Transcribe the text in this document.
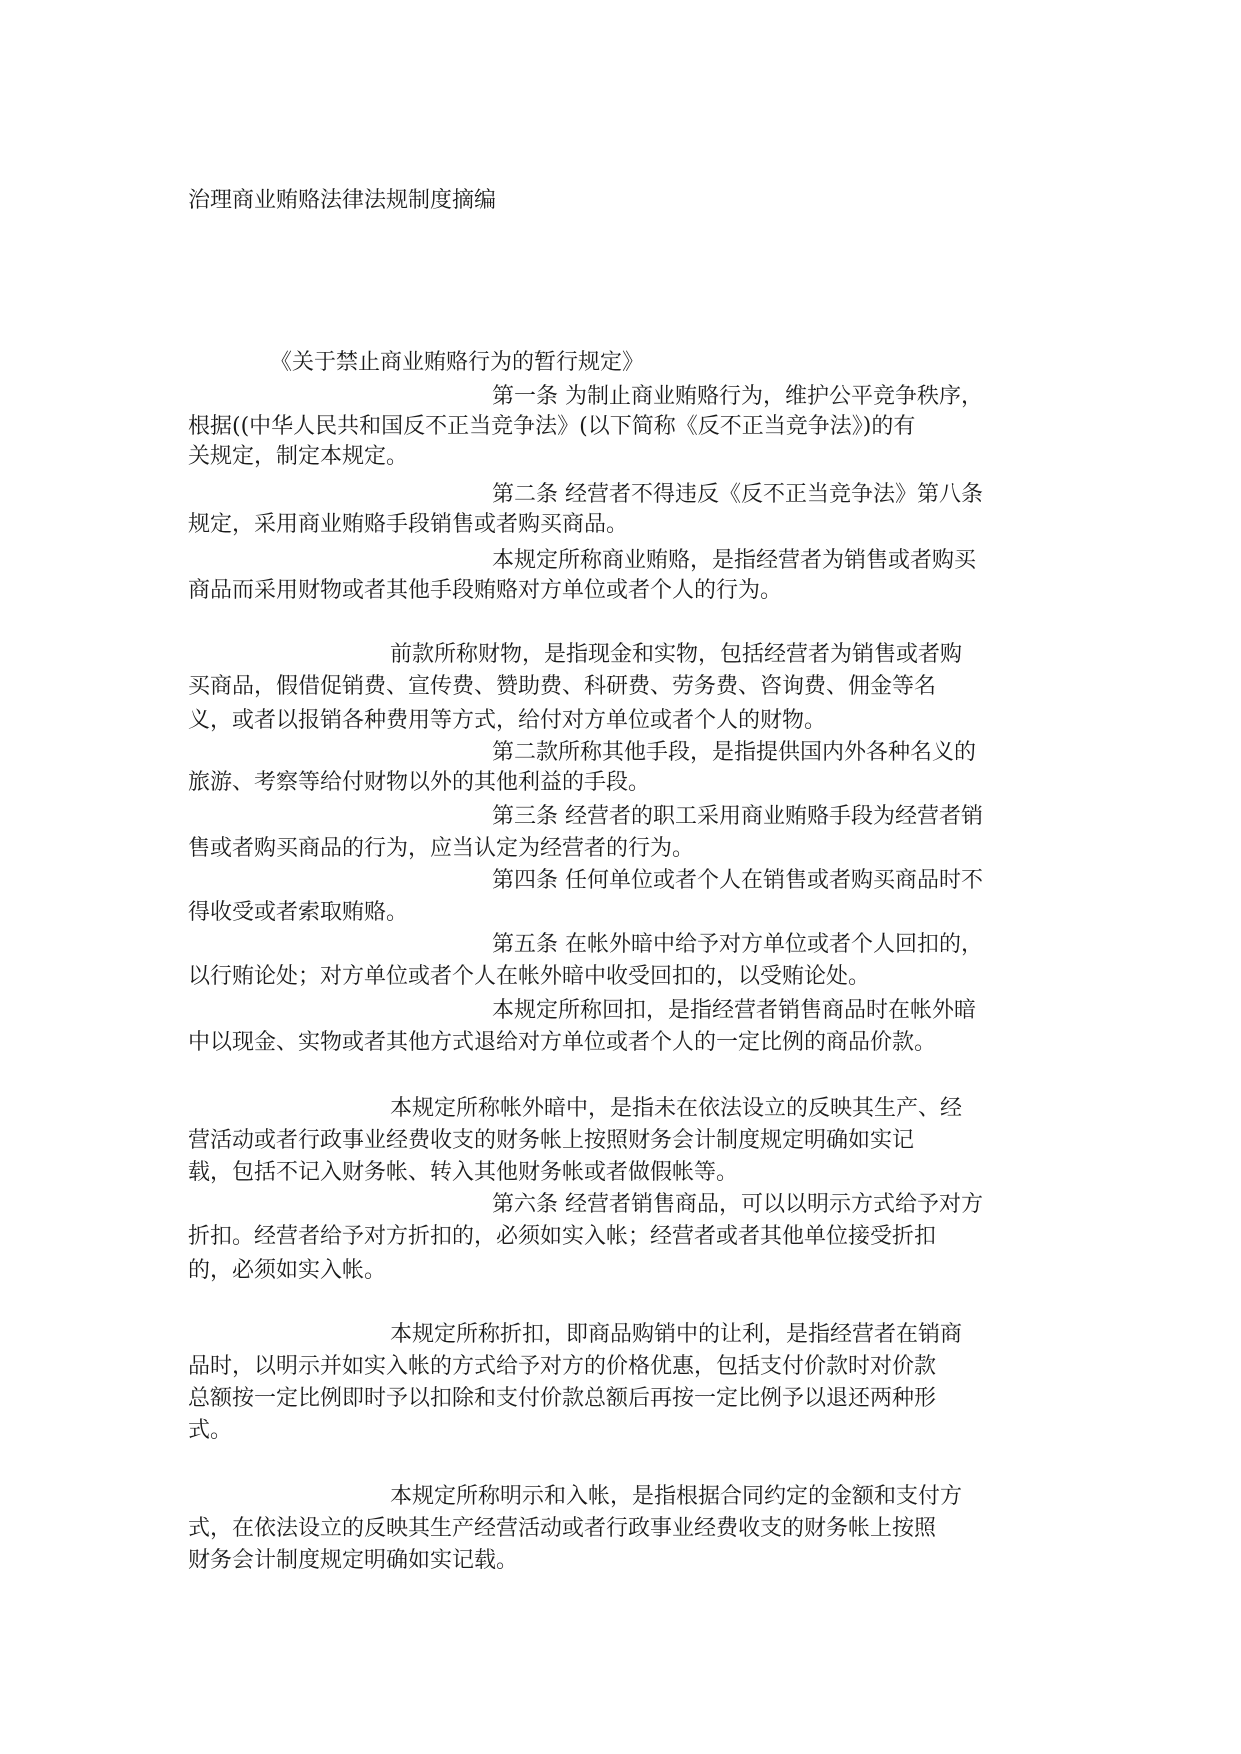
治理商业贿赂法律法规制度摘编
《关于禁止商业贿赂行为的暂行规定》
第一条 为制止商业贿赂行为，维护公平竞争秩序，
根据((中华人民共和国反不正当竞争法》(以下简称《反不正当竞争法》)的有
关规定，制定本规定。
第二条 经营者不得违反《反不正当竞争法》第八条
规定，采用商业贿赂手段销售或者购买商品。
本规定所称商业贿赂，是指经营者为销售或者购买
商品而采用财物或者其他手段贿赂对方单位或者个人的行为。
前款所称财物，是指现金和实物，包括经营者为销售或者购
买商品，假借促销费、宣传费、赞助费、科研费、劳务费、咨询费、佣金等名
义，或者以报销各种费用等方式，给付对方单位或者个人的财物。
第二款所称其他手段，是指提供国内外各种名义的
旅游、考察等给付财物以外的其他利益的手段。
第三条 经营者的职工采用商业贿赂手段为经营者销
售或者购买商品的行为，应当认定为经营者的行为。
第四条 任何单位或者个人在销售或者购买商品时不
得收受或者索取贿赂。
第五条 在帐外暗中给予对方单位或者个人回扣的，
以行贿论处；对方单位或者个人在帐外暗中收受回扣的，以受贿论处。
本规定所称回扣，是指经营者销售商品时在帐外暗
中以现金、实物或者其他方式退给对方单位或者个人的一定比例的商品价款。
本规定所称帐外暗中，是指未在依法设立的反映其生产、经
营活动或者行政事业经费收支的财务帐上按照财务会计制度规定明确如实记
载，包括不记入财务帐、转入其他财务帐或者做假帐等。
第六条 经营者销售商品，可以以明示方式给予对方
折扣。经营者给予对方折扣的，必须如实入帐；经营者或者其他单位接受折扣
的，必须如实入帐。
本规定所称折扣，即商品购销中的让利，是指经营者在销商
品时，以明示并如实入帐的方式给予对方的价格优惠，包括支付价款时对价款
总额按一定比例即时予以扣除和支付价款总额后再按一定比例予以退还两种形
式。
本规定所称明示和入帐，是指根据合同约定的金额和支付方
式，在依法设立的反映其生产经营活动或者行政事业经费收支的财务帐上按照
财务会计制度规定明确如实记载。
